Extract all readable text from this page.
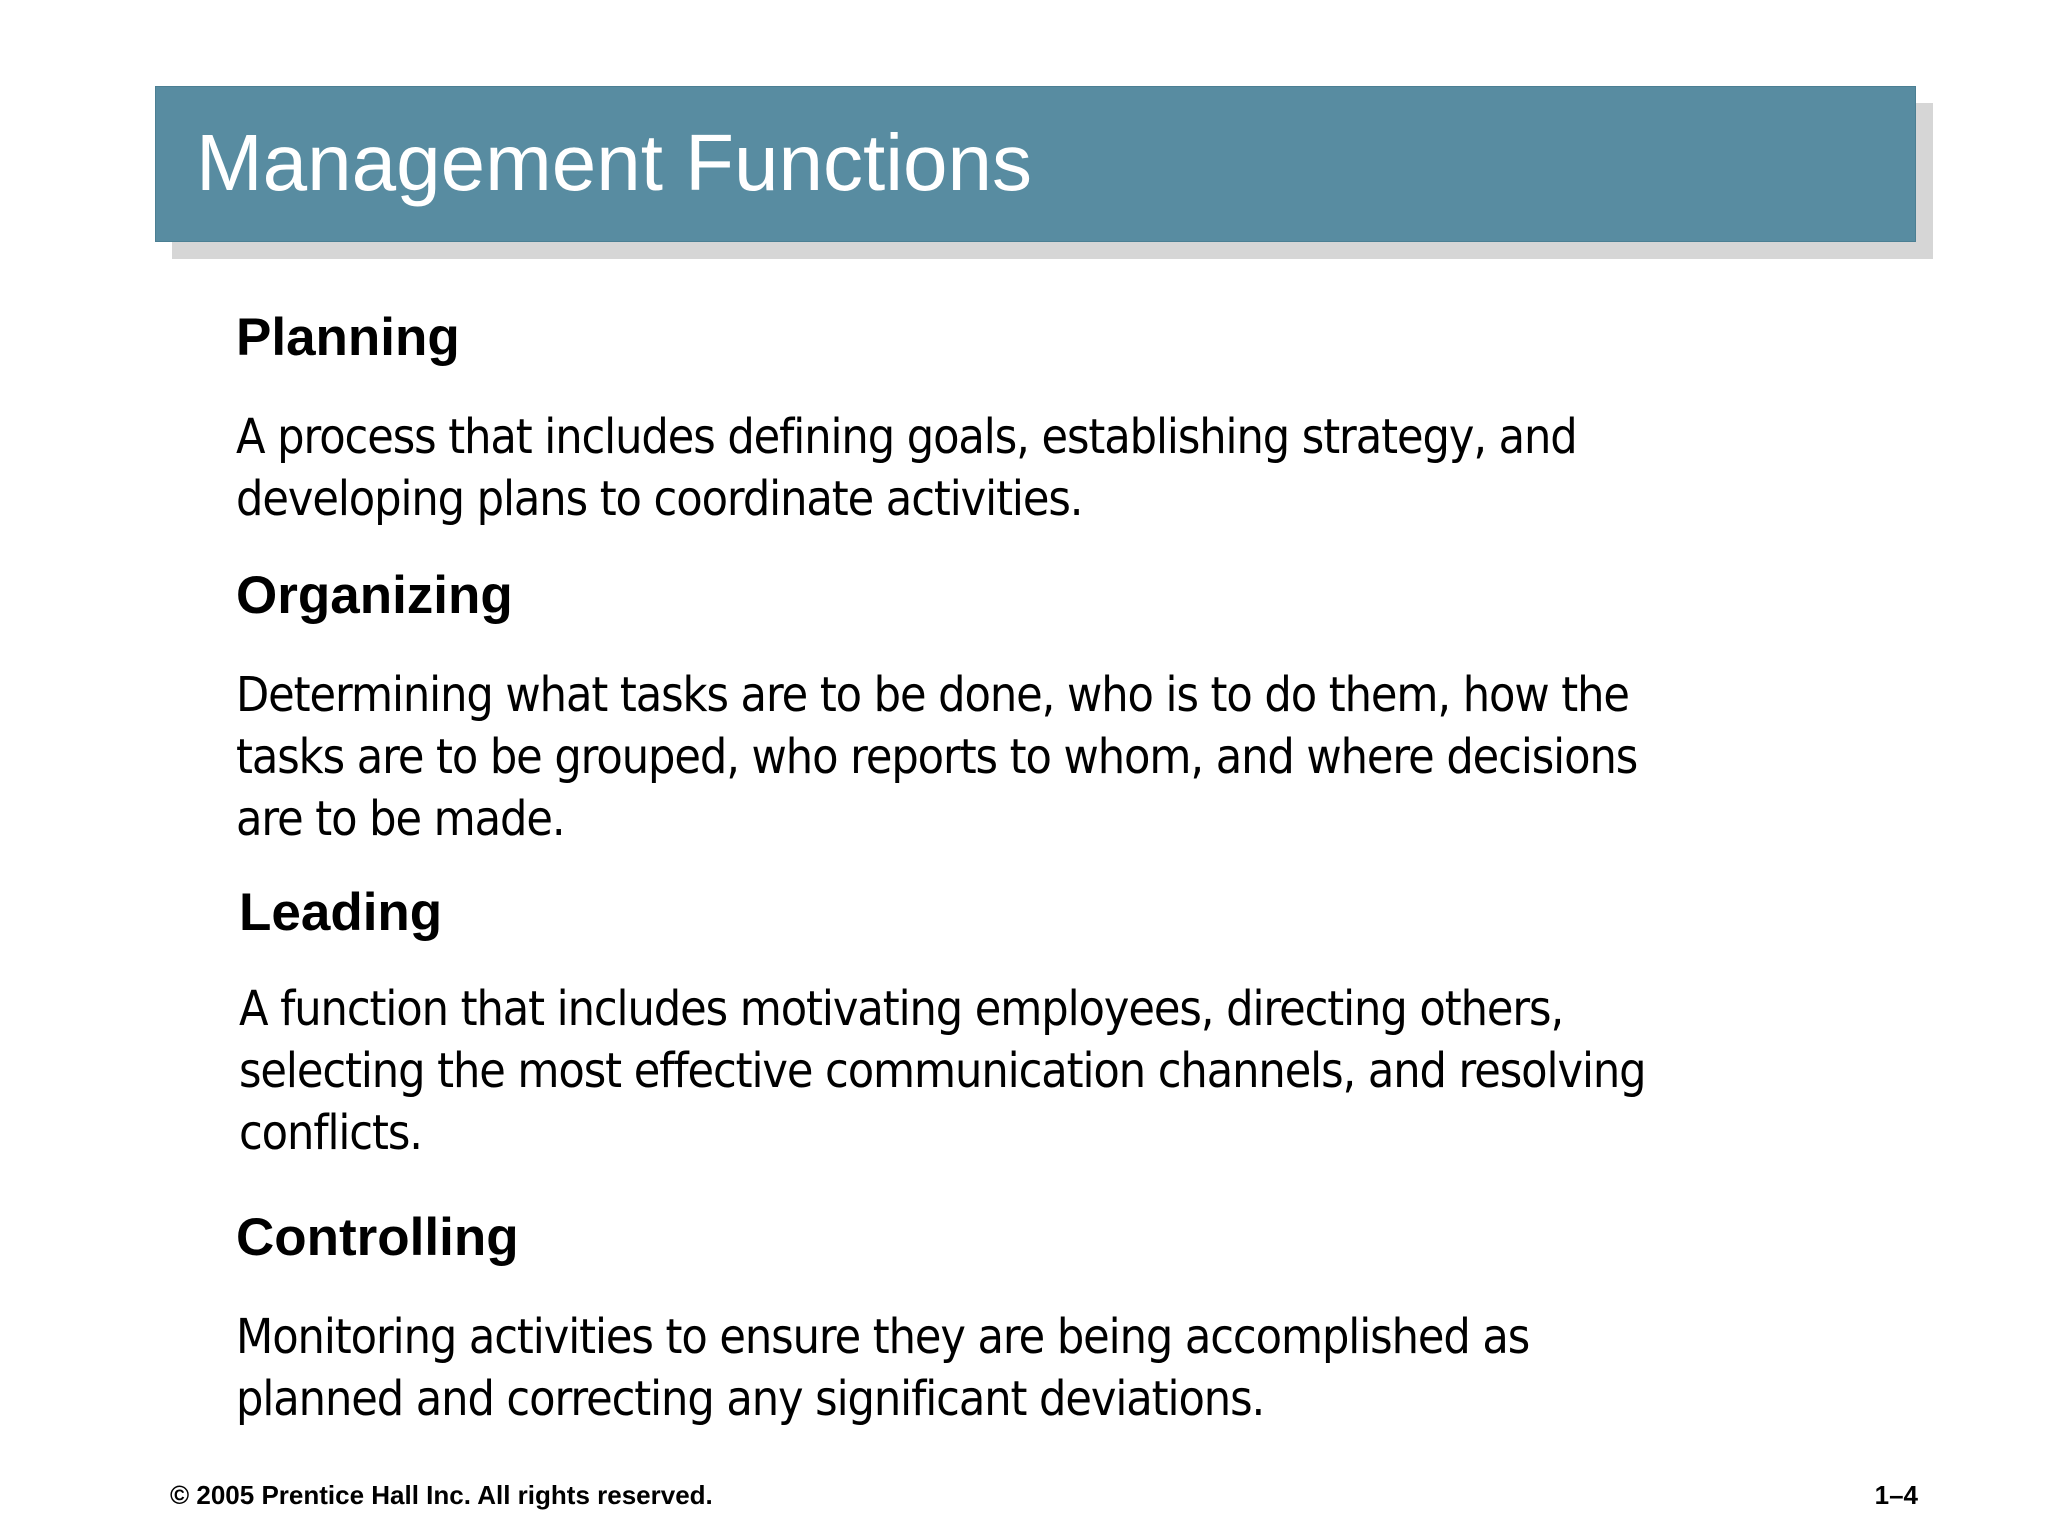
Management Functions
Planning

A process that includes defining goals, establishing strategy, and
developing plans to coordinate activities.

Organizing

Determining what tasks are to be done, who is to do them, how the
tasks are to be grouped, who reports to whom, and where decisions
are to be made.

Leading

A function that includes motivating employees, directing others,
selecting the most effective communication channels, and resolving
conflicts.

Controlling

Monitoring activities to ensure they are being accomplished as
planned and correcting any significant deviations.

© 2005 Prentice Hall Inc. All rights reserved.	1–4
